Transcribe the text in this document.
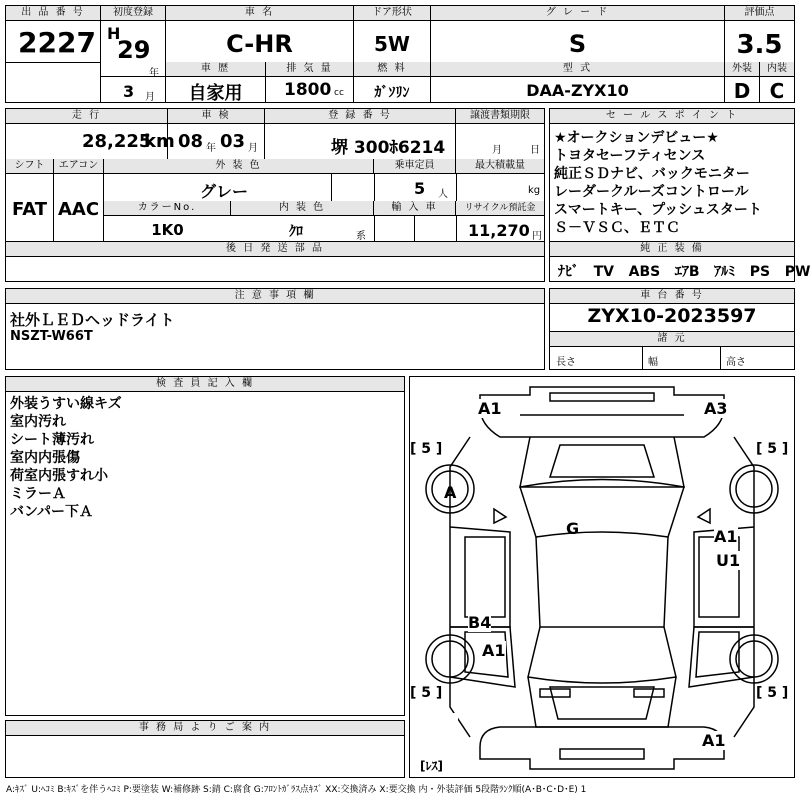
出 品 番 号
2227
初度登録
H
29
年
3 月
車 名
C-HR
ドア形状
5W
グ レ ー ド
S
評価点
3.5
車 歴
自家用
排 気 量
1800 cc
燃 料
ｶﾞｿﾘﾝ
型 式
DAA-ZYX10
外装
D
内装
C
走 行
28,225
km
車 検
08 年 03 月
登 録 番 号
堺 300ﾎ6214
譲渡書類期限
月	日
シフト
FAT
エアコン
AAC
外 装 色
グレー
乗車定員
5 人
最大積載量
kg
カラーNo.
1K0
内 装 色
ｸﾛ	系
輸 入 車	リサイクル預託金
11,270 円
後 日 発 送 部 品
セ ー ル ス ポ イ ン ト
★オークションデビュー★
トヨタセーフティセンス
純正ＳＤナビ、バックモニター
レーダークルーズコントロール
スマートキー、プッシュスタート
Ｓ－ＶＳＣ、ＥＴＣ
純 正 装 備
ﾅﾋﾞ TV ABS ｴｱB ｱﾙﾐ PS PW
注 意 事 項 欄
社外ＬＥＤヘッドライト
NSZT-W66T
車 台 番 号
ZYX10-2023597
諸 元
長さ	幅	高さ
検 査 員 記 入 欄
外装うすい線キズ
室内汚れ
シート薄汚れ
室内内張傷
荷室内張すれ小
ミラーＡ
バンパー下Ａ
事 務 局 よ り ご 案 内
A1	A3
A
G	A1
U1
B4
A1
A1
[ 5 ]	[ 5 ]
[ 5 ]	[ 5 ]
[ﾚｽ]
A:ｷｽﾞ U:ﾍｺﾐ B:ｷｽﾞを伴うﾍｺﾐ P:要塗装 W:補修跡 S:錆 C:腐食 G:ﾌﾛﾝﾄｶﾞﾗｽ点ｷｽﾞ XX:交換済み X:要交換 内・外装評価 5段階ﾗﾝｸ順(A･B･C･D･E) 1
